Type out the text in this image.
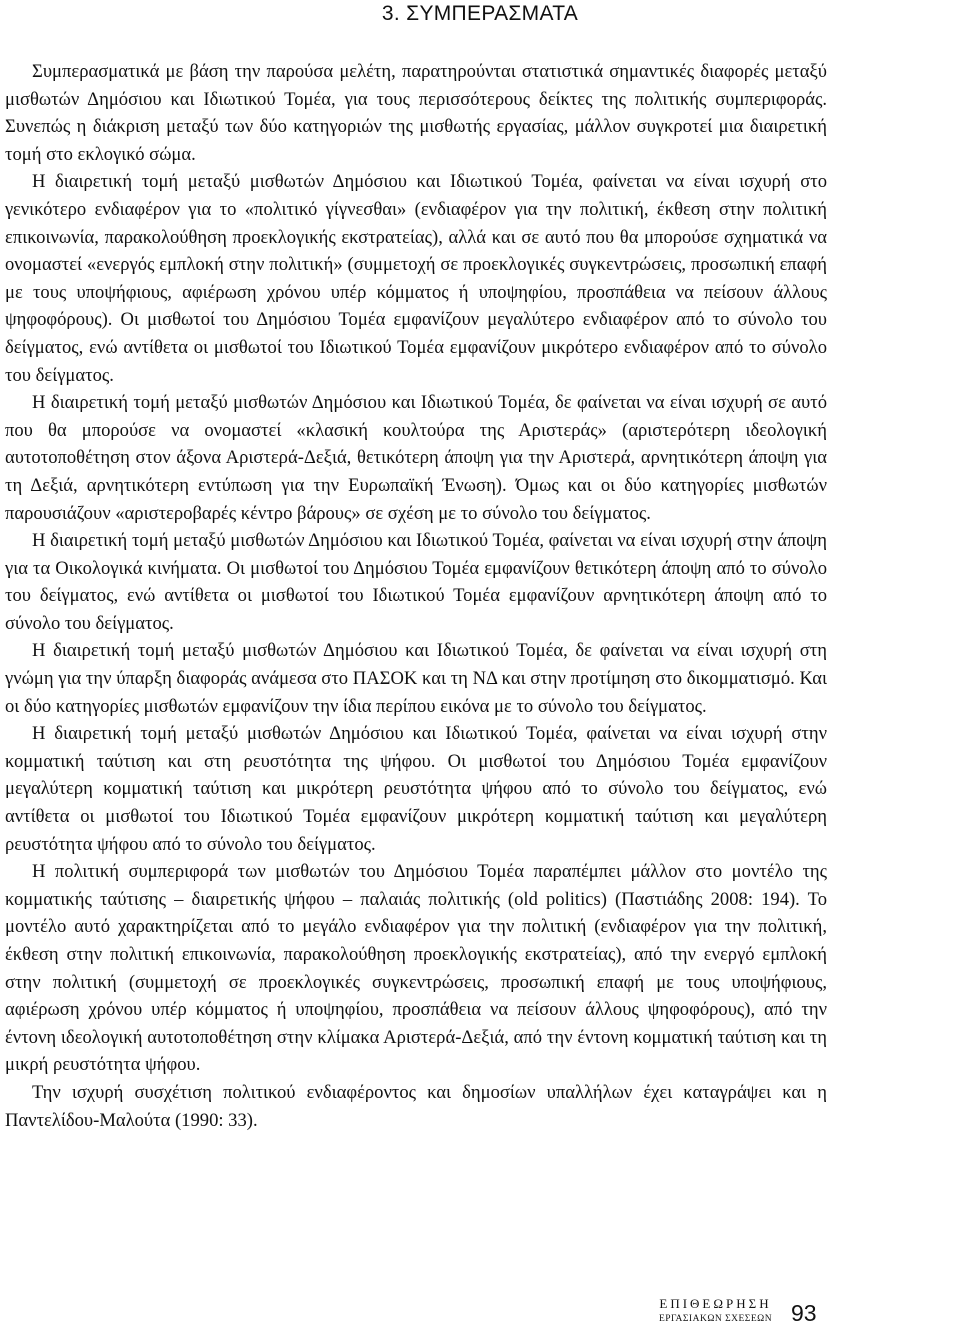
3. ΣΥΜΠΕΡΑΣΜΑΤΑ

Συμπερασματικά με βάση την παρούσα μελέτη, παρατηρούνται στατιστικά σημαντικές διαφορές μεταξύ μισθωτών Δημόσιου και Ιδιωτικού Τομέα, για τους περισσότερους δείκτες της πολιτικής συμπεριφοράς. Συνεπώς η διάκριση μεταξύ των δύο κατηγοριών της μισθωτής εργασίας, μάλλον συγκροτεί μια διαιρετική τομή στο εκλογικό σώμα.

Η διαιρετική τομή μεταξύ μισθωτών Δημόσιου και Ιδιωτικού Τομέα, φαίνεται να είναι ισχυρή στο γενικότερο ενδιαφέρον για το «πολιτικό γίγνεσθαι» (ενδιαφέρον για την πολιτική, έκθεση στην πολιτική επικοινωνία, παρακολούθηση προεκλογικής εκστρατείας), αλλά και σε αυτό που θα μπορούσε σχηματικά να ονομαστεί «ενεργός εμπλοκή στην πολιτική» (συμμετοχή σε προεκλογικές συγκεντρώσεις, προσωπική επαφή με τους υποψήφιους, αφιέρωση χρόνου υπέρ κόμματος ή υποψηφίου, προσπάθεια να πείσουν άλλους ψηφοφόρους). Οι μισθωτοί του Δημόσιου Τομέα εμφανίζουν μεγαλύτερο ενδιαφέρον από το σύνολο του δείγματος, ενώ αντίθετα οι μισθωτοί του Ιδιωτικού Τομέα εμφανίζουν μικρότερο ενδιαφέρον από το σύνολο του δείγματος.

Η διαιρετική τομή μεταξύ μισθωτών Δημόσιου και Ιδιωτικού Τομέα, δε φαίνεται να είναι ισχυρή σε αυτό που θα μπορούσε να ονομαστεί «κλασική κουλτούρα της Αριστεράς» (αριστερότερη ιδεολογική αυτοτοποθέτηση στον άξονα Αριστερά-Δεξιά, θετικότερη άποψη για την Αριστερά, αρνητικότερη άποψη για τη Δεξιά, αρνητικότερη εντύπωση για την Ευρωπαϊκή Ένωση). Όμως και οι δύο κατηγορίες μισθωτών παρουσιάζουν «αριστεροβαρές κέντρο βάρους» σε σχέση με το σύνολο του δείγματος.

Η διαιρετική τομή μεταξύ μισθωτών Δημόσιου και Ιδιωτικού Τομέα, φαίνεται να είναι ισχυρή στην άποψη για τα Οικολογικά κινήματα. Οι μισθωτοί του Δημόσιου Τομέα εμφανίζουν θετικότερη άποψη από το σύνολο του δείγματος, ενώ αντίθετα οι μισθωτοί του Ιδιωτικού Τομέα εμφανίζουν αρνητικότερη άποψη από το σύνολο του δείγματος.

Η διαιρετική τομή μεταξύ μισθωτών Δημόσιου και Ιδιωτικού Τομέα, δε φαίνεται να είναι ισχυρή στη γνώμη για την ύπαρξη διαφοράς ανάμεσα στο ΠΑΣΟΚ και τη ΝΔ και στην προτίμηση στο δικομματισμό. Και οι δύο κατηγορίες μισθωτών εμφανίζουν την ίδια περίπου εικόνα με το σύνολο του δείγματος.

Η διαιρετική τομή μεταξύ μισθωτών Δημόσιου και Ιδιωτικού Τομέα, φαίνεται να είναι ισχυρή στην κομματική ταύτιση και στη ρευστότητα της ψήφου. Οι μισθωτοί του Δημόσιου Τομέα εμφανίζουν μεγαλύτερη κομματική ταύτιση και μικρότερη ρευστότητα ψήφου από το σύνολο του δείγματος, ενώ αντίθετα οι μισθωτοί του Ιδιωτικού Τομέα εμφανίζουν μικρότερη κομματική ταύτιση και μεγαλύτερη ρευστότητα ψήφου από το σύνολο του δείγματος.

Η πολιτική συμπεριφορά των μισθωτών του Δημόσιου Τομέα παραπέμπει μάλλον στο μοντέλο της κομματικής ταύτισης – διαιρετικής ψήφου – παλαιάς πολιτικής (old politics) (Παστιάδης 2008: 194). Το μοντέλο αυτό χαρακτηρίζεται από το μεγάλο ενδιαφέρον για την πολιτική (ενδιαφέρον για την πολιτική, έκθεση στην πολιτική επικοινωνία, παρακολούθηση προεκλογικής εκστρατείας), από την ενεργό εμπλοκή στην πολιτική (συμμετοχή σε προεκλογικές συγκεντρώσεις, προσωπική επαφή με τους υποψήφιους, αφιέρωση χρόνου υπέρ κόμματος ή υποψηφίου, προσπάθεια να πείσουν άλλους ψηφοφόρους), από την έντονη ιδεολογική αυτοτοποθέτηση στην κλίμακα Αριστερά-Δεξιά, από την έντονη κομματική ταύτιση και τη μικρή ρευστότητα ψήφου.

Την ισχυρή συσχέτιση πολιτικού ενδιαφέροντος και δημοσίων υπαλλήλων έχει καταγράψει και η Παντελίδου-Μαλούτα (1990: 33).

ΕΠΙΘΕΩΡΗΣΗ
ΕΡΓΑΣΙΑΚΩΝ ΣΧΕΣΕΩΝ 93
